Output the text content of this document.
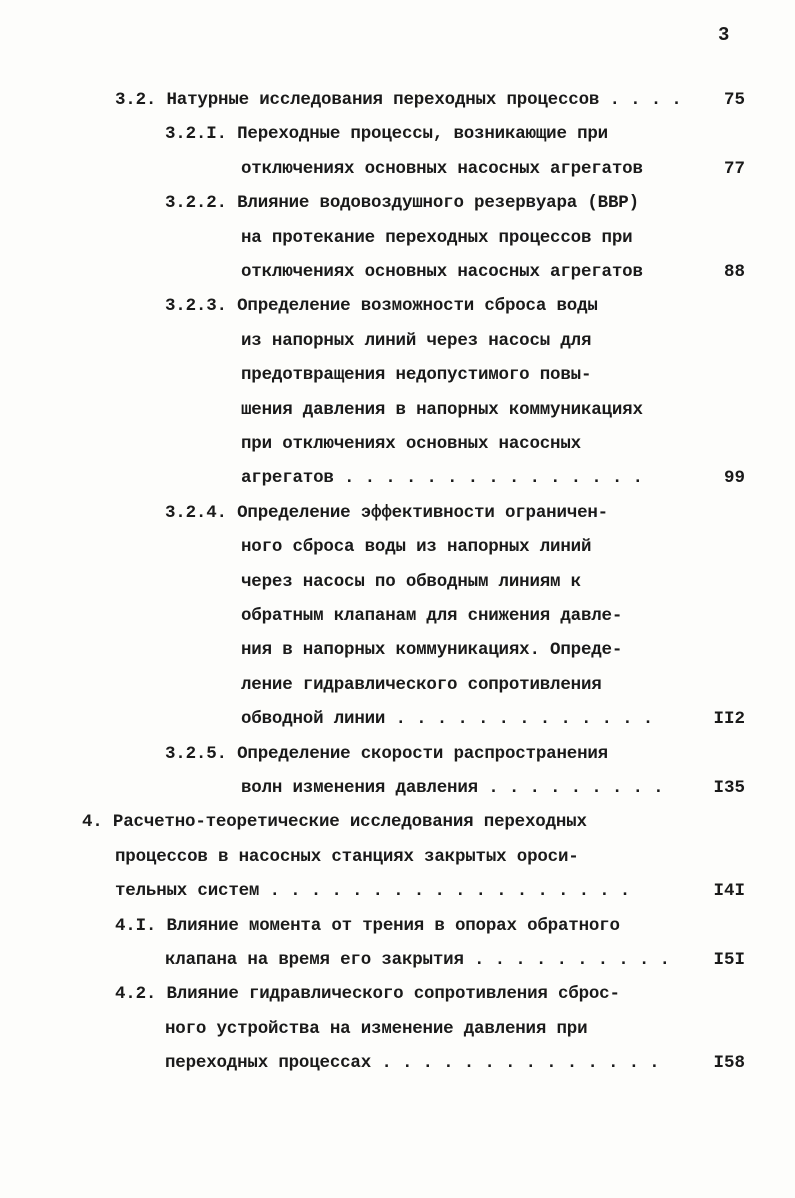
3
3.2. Натурные исследования переходных процессов . . . . 75
3.2.I. Переходные процессы, возникающие при
отключениях основных насосных агрегатов	77
3.2.2. Влияние водовоздушного резервуара (ВВР)
на протекание переходных процессов при
отключениях основных насосных агрегатов	88
3.2.3. Определение возможности сброса воды
из напорных линий через насосы для
предотвращения недопустимого повы-
шения давления в напорных коммуникациях
при отключениях основных насосных
агрегатов . . . . . . . . . . . . . . .	99
3.2.4. Определение эффективности ограничен-
ного сброса воды из напорных линий
через насосы по обводным линиям к
обратным клапанам для снижения давле-
ния в напорных коммуникациях. Опреде-
ление гидравлического сопротивления
обводной линии . . . . . . . . . . . . .	II2
3.2.5. Определение скорости распространения
волн изменения давления . . . . . . . . .	I35
4. Расчетно-теоретические исследования переходных
процессов в насосных станциях закрытых ороси-
тельных систем . . . . . . . . . . . . . . . . . .	I4I
4.I. Влияние момента от трения в опорах обратного
клапана на время его закрытия . . . . . . . . . . I5I
4.2. Влияние гидравлического сопротивления сброс-
ного устройства на изменение давления при
переходных процессах . . . . . . . . . . . . . .	I58
